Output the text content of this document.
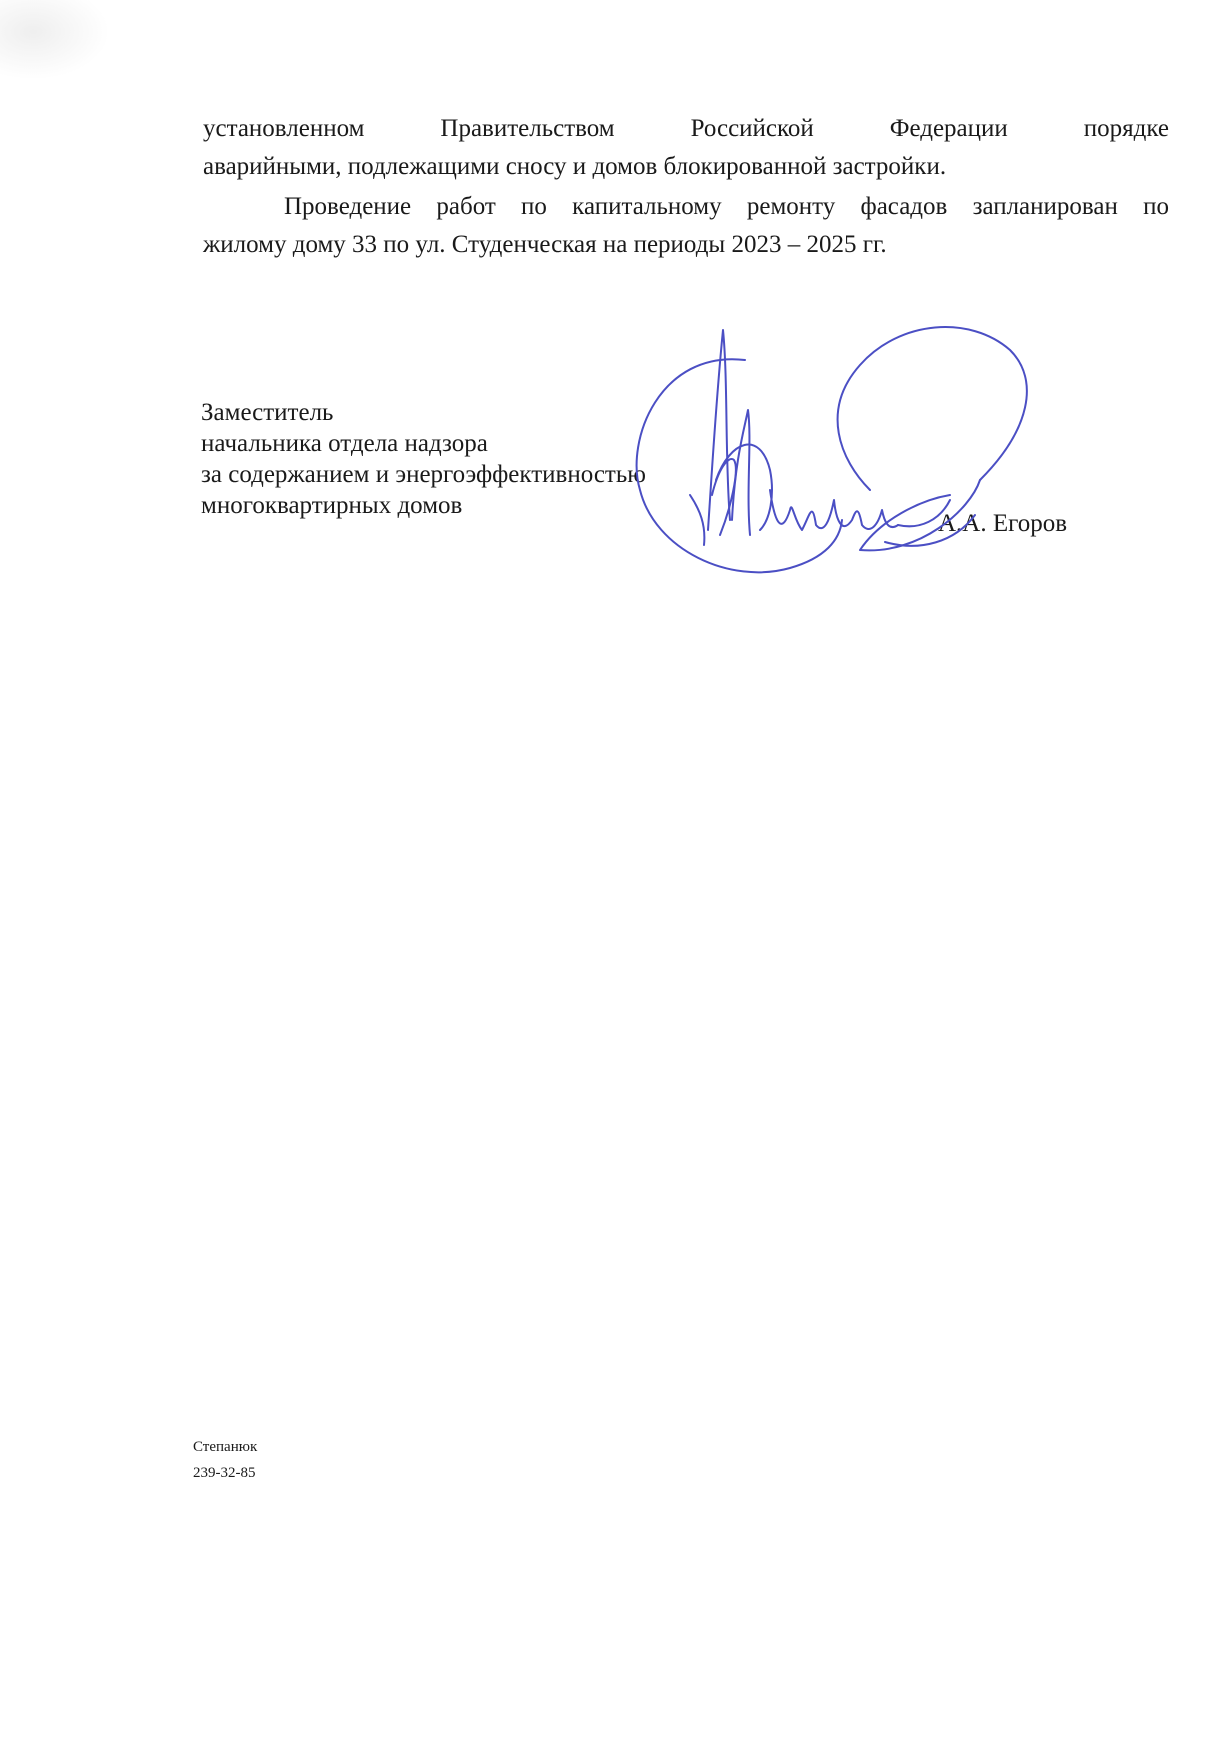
установленном	Правительством	Российской	Федерации	порядке
аварийными, подлежащими сносу и домов блокированной застройки.
Проведение работ по капитальному ремонту фасадов запланирован по
жилому дому 33 по ул. Студенческая на периоды 2023 – 2025 гг.
Заместитель
начальника отдела надзора
за содержанием и энергоэффективностью
многоквартирных домов
А.А. Егоров
Степанюк
239-32-85
